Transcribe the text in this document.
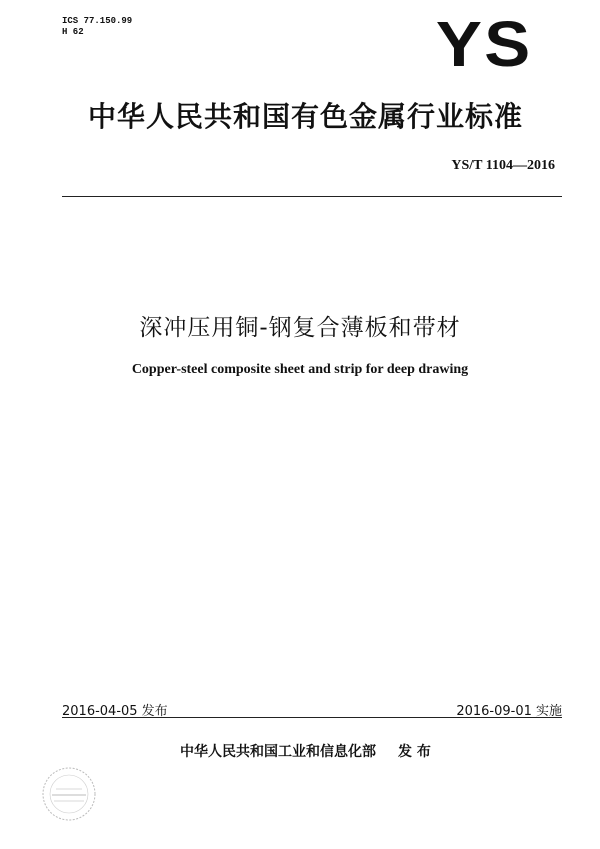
ICS 77.150.99
H 62	YS
中华人民共和国有色金属行业标准
YS/T 1104—2016
深冲压用铜-钢复合薄板和带材
Copper-steel composite sheet and strip for deep drawing
2016-04-05 发布	2016-09-01 实施
中华人民共和国工业和信息化部 发 布
